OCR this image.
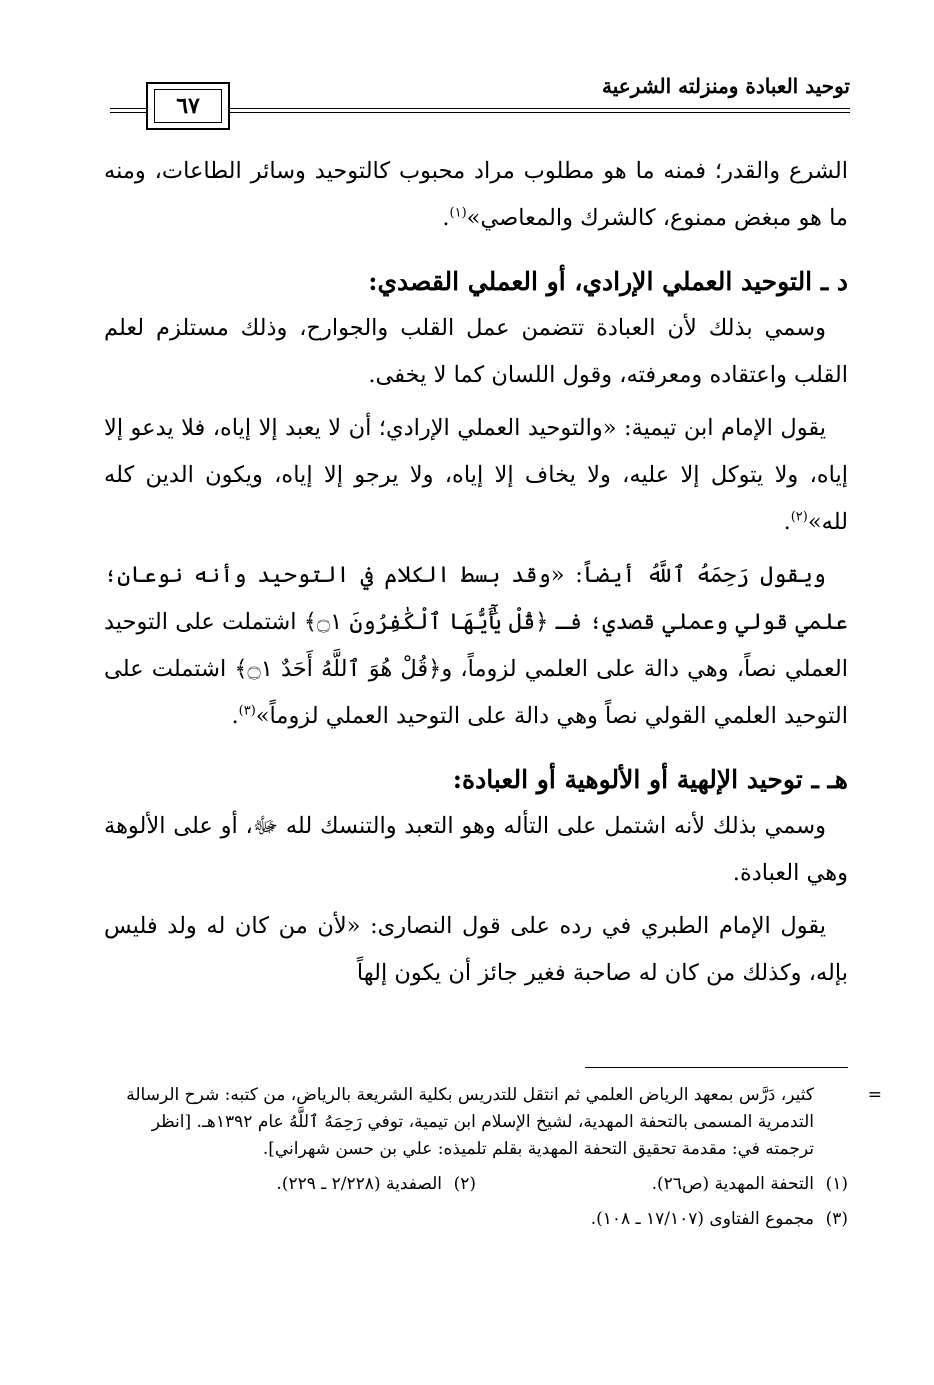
توحيد العبادة ومنزلته الشرعية
٦٧

الشرع والقدر؛ فمنه ما هو مطلوب مراد محبوب كالتوحيد وسائر الطاعات، ومنه ما هو مبغض ممنوع، كالشرك والمعاصي»$^{(١)}$.

د ـ التوحيد العملي الإرادي، أو العملي القصدي:

وسمي بذلك لأن العبادة تتضمن عمل القلب والجوارح، وذلك مستلزم لعلم القلب واعتقاده ومعرفته، وقول اللسان كما لا يخفى.

يقول الإمام ابن تيمية: «والتوحيد العملي الإرادي؛ أن لا يعبد إلا إياه، فلا يدعو إلا إياه، ولا يتوكل إلا عليه، ولا يخاف إلا إياه، ولا يرجو إلا إياه، ويكون الدين كله لله»$^{(٢)}$.

ويقول رَحِمَهُ ٱللَّهُ أيضاً: «وقد بسط الكلام في التوحيد وأنه نوعان؛ علمي قولي وعملي قصدي؛ فـ ﴿قُلْ يَٰٓأَيُّهَا ٱلْكَٰفِرُونَ ۝١﴾ اشتملت على التوحيد العملي نصاً، وهي دالة على العلمي لزوماً، و﴿قُلْ هُوَ ٱللَّهُ أَحَدٌ ۝١﴾ اشتملت على التوحيد العلمي القولي نصاً وهي دالة على التوحيد العملي لزوماً»$^{(٣)}$.

هـ ـ توحيد الإلهية أو الألوهية أو العبادة:

وسمي بذلك لأنه اشتمل على التأله وهو التعبد والتنسك لله ﷻ، أو على الألوهة وهي العبادة.

يقول الإمام الطبري في رده على قول النصارى: «لأن من كان له ولد فليس بإله، وكذلك من كان له صاحبة فغير جائز أن يكون إلهاً

=كثير، دَرَّس بمعهد الرياض العلمي ثم انتقل للتدريس بكلية الشريعة بالرياض، من كتبه: شرح الرسالة التدمرية المسمى بالتحفة المهدية، لشيخ الإسلام ابن تيمية، توفي رَحِمَهُ ٱللَّهُ عام ١٣٩٢هـ. [انظر ترجمته في: مقدمة تحقيق التحفة المهدية بقلم تلميذه: علي بن حسن شهراني].

(١)التحفة المهدية (ص٢٦).
(٢)الصفدية (٢/٢٢٨ ـ ٢٢٩).
(٣)مجموع الفتاوى (١٧/١٠٧ ـ ١٠٨).
